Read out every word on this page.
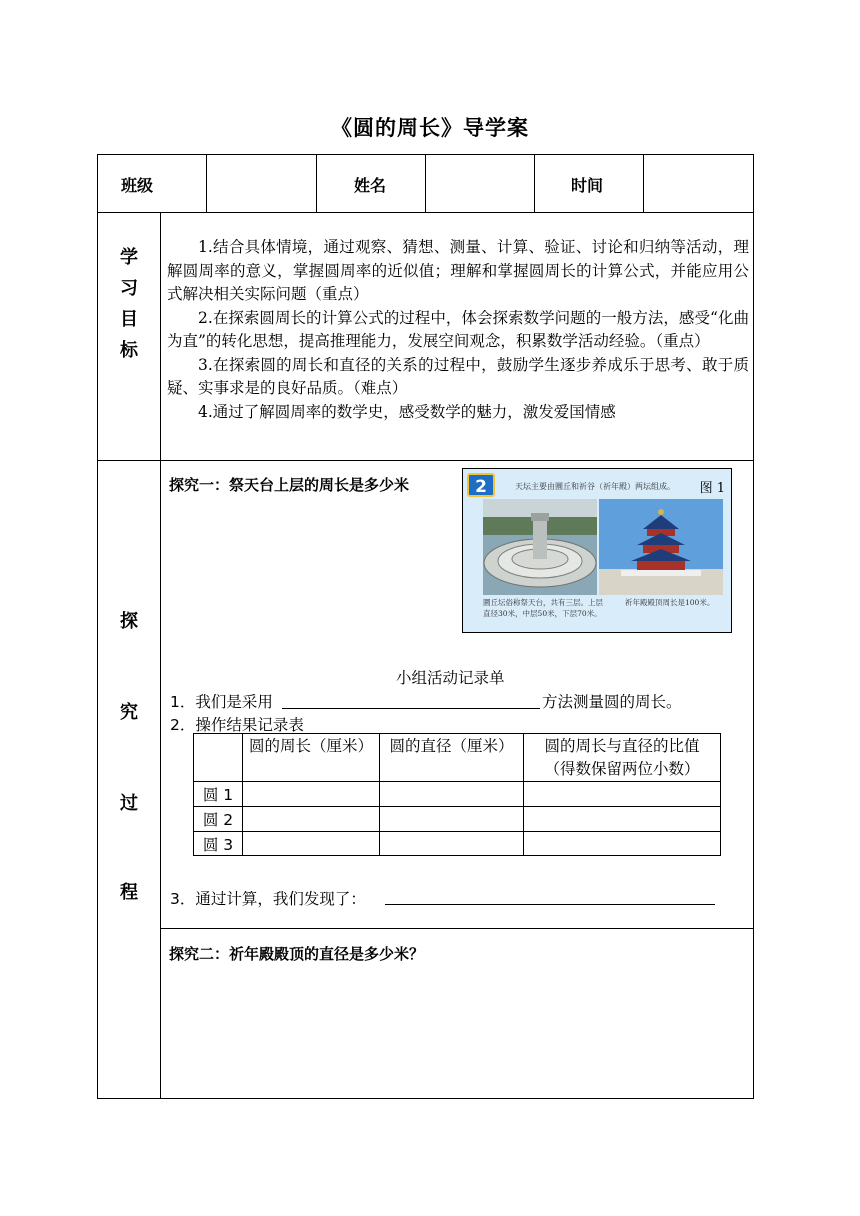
《圆的周长》导学案
班级	姓名	时间
学
习
目
标

1.结合具体情境，通过观察、猜想、测量、计算、验证、讨论和归纳等活动，理解圆周率的意义，掌握圆周率的近似值；理解和掌握圆周长的计算公式，并能应用公式解决相关实际问题（重点）

2.在探索圆周长的计算公式的过程中，体会探索数学问题的一般方法，感受“化曲为直”的转化思想，提高推理能力，发展空间观念，积累数学活动经验。（重点）

3.在探索圆的周长和直径的关系的过程中，鼓励学生逐步养成乐于思考、敢于质疑、实事求是的良好品质。（难点）

4.通过了解圆周率的数学史，感受数学的魅力，激发爱国情感

探
究
过
程
探究一：祭天台上层的周长是多少米	2	天坛主要由圜丘和祈谷（祈年殿）两坛组成。 图 1
圜丘坛俗称祭天台，共有三层。上层直径30米，中层50米，下层70米。
祈年殿殿顶周长是100米。
小组活动记录单
1．我们是采用	方法测量圆的周长。
2．操作结果记录表
	圆的周长（厘米）	圆的直径（厘米）	圆的周长与直径的比值
（得数保留两位小数）

圆 1			
圆 2			
圆 3			
3．通过计算，我们发现了：
探究二：祈年殿殿顶的直径是多少米？
